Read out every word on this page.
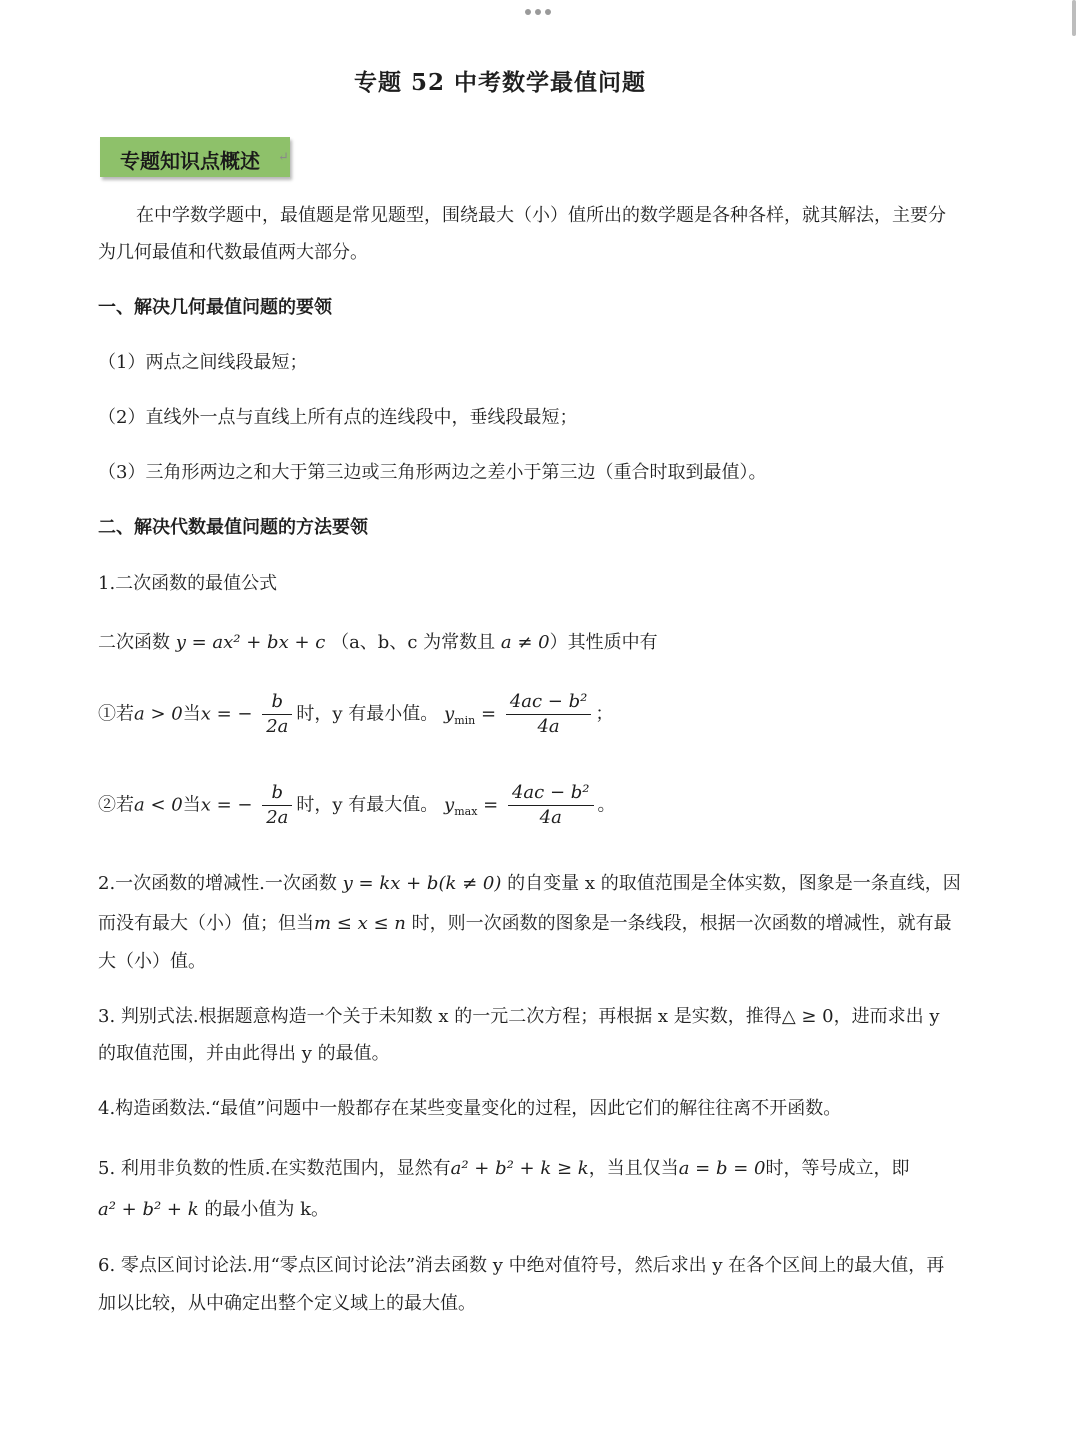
专题 52 中考数学最值问题
专题知识点概述 ↵
在中学数学题中，最值题是常见题型，围绕最大（小）值所出的数学题是各种各样，就其解法，主要分
为几何最值和代数最值两大部分。
一、解决几何最值问题的要领
（1）两点之间线段最短；
（2）直线外一点与直线上所有点的连线段中，垂线段最短；
（3）三角形两边之和大于第三边或三角形两边之差小于第三边（重合时取到最值）。
二、解决代数最值问题的方法要领
1.二次函数的最值公式
二次函数 y = ax² + bx + c （a、b、c 为常数且 a ≠ 0）其性质中有
①若a > 0当x = − $\frac{b}{2a}$ 时，y 有最小值。 $y_{min} = \frac{\text{4ac − b²}}{4a}$ ；
②若a < 0当x = − $\frac{b}{2a}$ 时，y 有最大值。 $y_{max} = \frac{\text{4ac − b²}}{4a}$ 。
2.一次函数的增减性.一次函数 y = kx + b(k ≠ 0) 的自变量 x 的取值范围是全体实数，图象是一条直线，因
而没有最大（小）值；但当m ≤ x ≤ n 时，则一次函数的图象是一条线段，根据一次函数的增减性，就有最
大（小）值。
3. 判别式法.根据题意构造一个关于未知数 x 的一元二次方程；再根据 x 是实数，推得△ ≥ 0，进而求出 y
的取值范围，并由此得出 y 的最值。
4.构造函数法.“最值”问题中一般都存在某些变量变化的过程，因此它们的解往往离不开函数。
5. 利用非负数的性质.在实数范围内，显然有a² + b² + k ≥ k，当且仅当a = b = 0时，等号成立，即
a² + b² + k 的最小值为 k。
6. 零点区间讨论法.用“零点区间讨论法”消去函数 y 中绝对值符号，然后求出 y 在各个区间上的最大值，再
加以比较，从中确定出整个定义域上的最大值。
